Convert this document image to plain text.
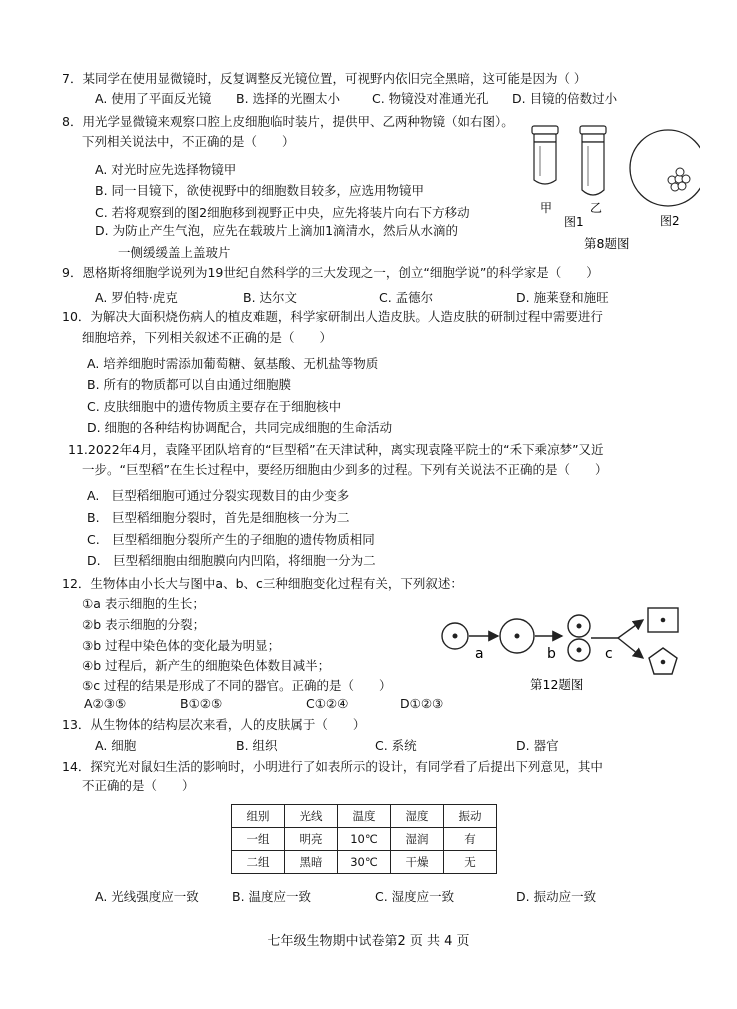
7．某同学在使用显微镜时，反复调整反光镜位置，可视野内依旧完全黑暗，这可能是因为（ ）
A. 使用了平面反光镜 B. 选择的光圈太小	C. 物镜没对准通光孔 D. 目镜的倍数过小
8．用光学显微镜来观察口腔上皮细胞临时装片，提供甲、乙两种物镜（如右图）。
下列相关说法中，不正确的是（　　）
A. 对光时应先选择物镜甲
B. 同一目镜下，欲使视野中的细胞数目较多，应选用物镜甲
C. 若将观察到的图2细胞移到视野正中央，应先将装片向右下方移动
D. 为防止产生气泡，应先在载玻片上滴加1滴清水，然后从水滴的
一侧缓缓盖上盖玻片
甲	乙
图1	图2
第8题图
9．恩格斯将细胞学说列为19世纪自然科学的三大发现之一，创立“细胞学说”的科学家是（　　）
A. 罗伯特·虎克	B. 达尔文	C. 孟德尔	D. 施莱登和施旺
10．为解决大面积烧伤病人的植皮难题，科学家研制出人造皮肤。人造皮肤的研制过程中需要进行
细胞培养，下列相关叙述不正确的是（　　）
A. 培养细胞时需添加葡萄糖、氨基酸、无机盐等物质
B. 所有的物质都可以自由通过细胞膜
C. 皮肤细胞中的遗传物质主要存在于细胞核中
D. 细胞的各种结构协调配合，共同完成细胞的生命活动
11.2022年4月，袁隆平团队培育的“巨型稻”在天津试种，离实现袁隆平院士的“禾下乘凉梦”又近
一步。“巨型稻”在生长过程中，要经历细胞由少到多的过程。下列有关说法不正确的是（　　）
A.　巨型稻细胞可通过分裂实现数目的由少变多
B.　巨型稻细胞分裂时，首先是细胞核一分为二
C.　巨型稻细胞分裂所产生的子细胞的遗传物质相同
D.　巨型稻细胞由细胞膜向内凹陷，将细胞一分为二
12．生物体由小长大与图中a、b、c三种细胞变化过程有关，下列叙述：
①a 表示细胞的生长；
②b 表示细胞的分裂；
③b 过程中染色体的变化最为明显；
④b 过程后，新产生的细胞染色体数目减半；
⑤c 过程的结果是形成了不同的器官。正确的是（　　）
A②③⑤	B①②⑤	C①②④	D①②③
a	b	c
第12题图
13．从生物体的结构层次来看，人的皮肤属于（　　）
A. 细胞	B. 组织	C. 系统	D. 器官
14．探究光对鼠妇生活的影响时，小明进行了如表所示的设计，有同学看了后提出下列意见，其中
不正确的是（　　）
组别	光线	温度	湿度	振动
一组	明亮	10℃	湿润	有
二组	黑暗	30℃	干燥	无
A. 光线强度应一致	B. 温度应一致	C. 湿度应一致	D. 振动应一致
七年级生物期中试卷第2 页 共 4 页
